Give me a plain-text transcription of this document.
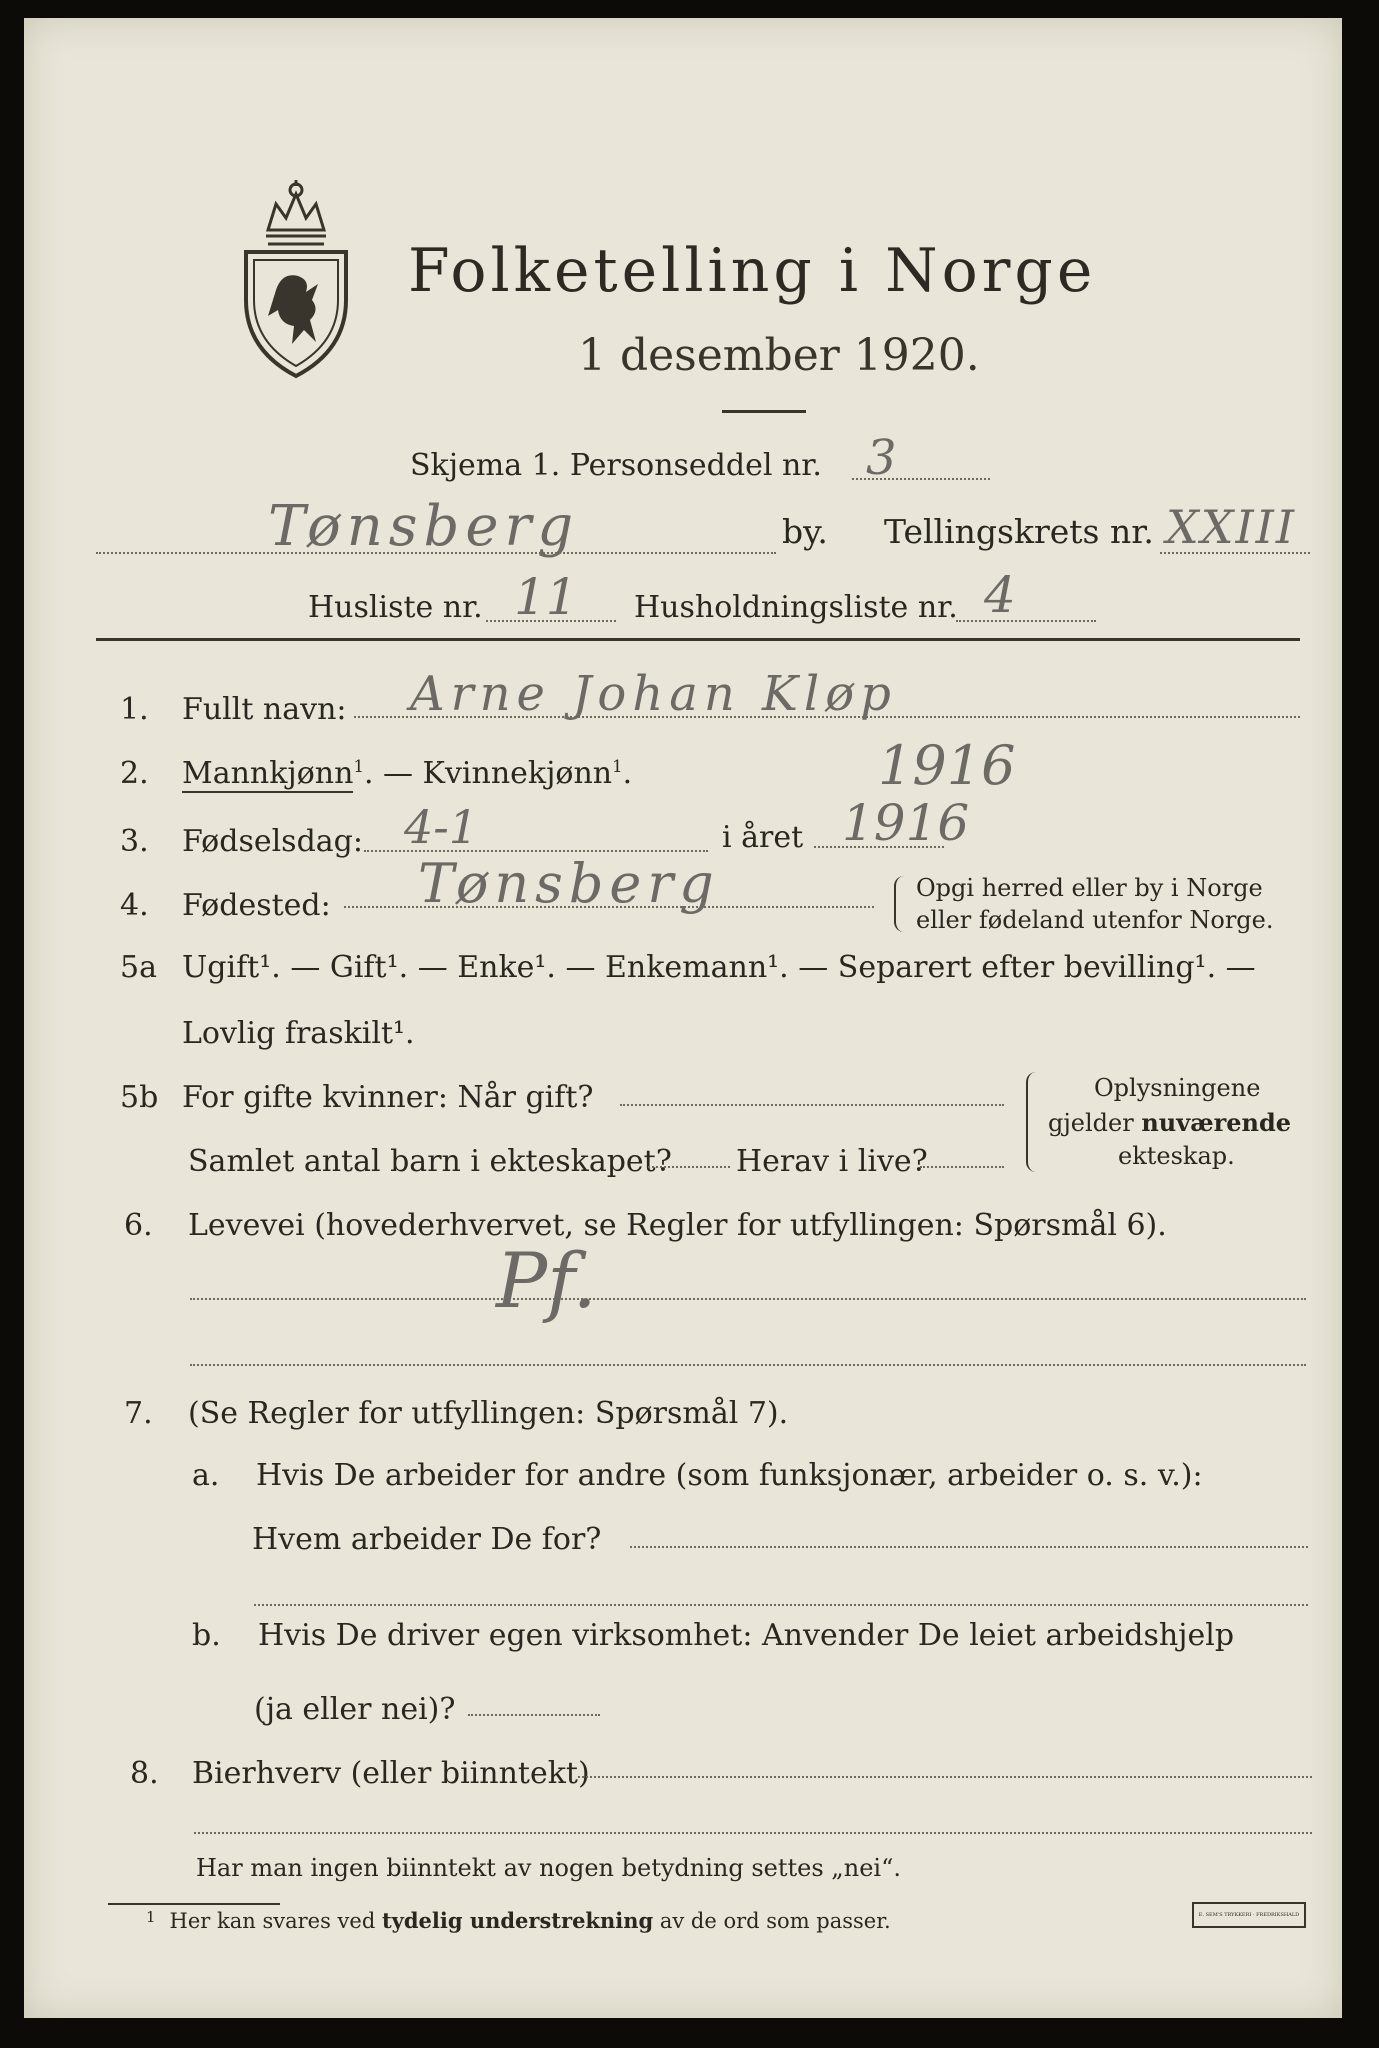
Folketelling i Norge
1 desember 1920.
Skjema 1. Personseddel nr. 3
Tønsberg	by. Tellingskrets nr. XXIII
Husliste nr. 11 Husholdningsliste nr. 4
1. Fullt navn: Arne Johan Kløp
2. Mannkjønn$^1$. — Kvinnekjønn$^1$.	1916
3. Fødselsdag: 4-1	i året 1916
4. Fødested: Tønsberg	Opgi herred eller by i Norge
eller fødeland utenfor Norge.
5a Ugift¹. — Gift¹. — Enke¹. — Enkemann¹. — Separert efter bevilling¹. —
Lovlig fraskilt¹.
5b For gifte kvinner: Når gift?
Samlet antal barn i ekteskapet? Herav i live?
Oplysningene
gjelder nuværende
ekteskap.
6. Levevei (hovederhvervet, se Regler for utfyllingen: Spørsmål 6).
Pf.
7. (Se Regler for utfyllingen: Spørsmål 7).
a. Hvis De arbeider for andre (som funksjonær, arbeider o. s. v.):
Hvem arbeider De for?
b. Hvis De driver egen virksomhet: Anvender De leiet arbeidshjelp
(ja eller nei)?
8. Bierhverv (eller biinntekt)
Har man ingen biinntekt av nogen betydning settes „nei“.
$^1$ Her kan svares ved tydelig understrekning av de ord som passer.	E. SEM'S TRYKKERI · FREDRIKSHALD
